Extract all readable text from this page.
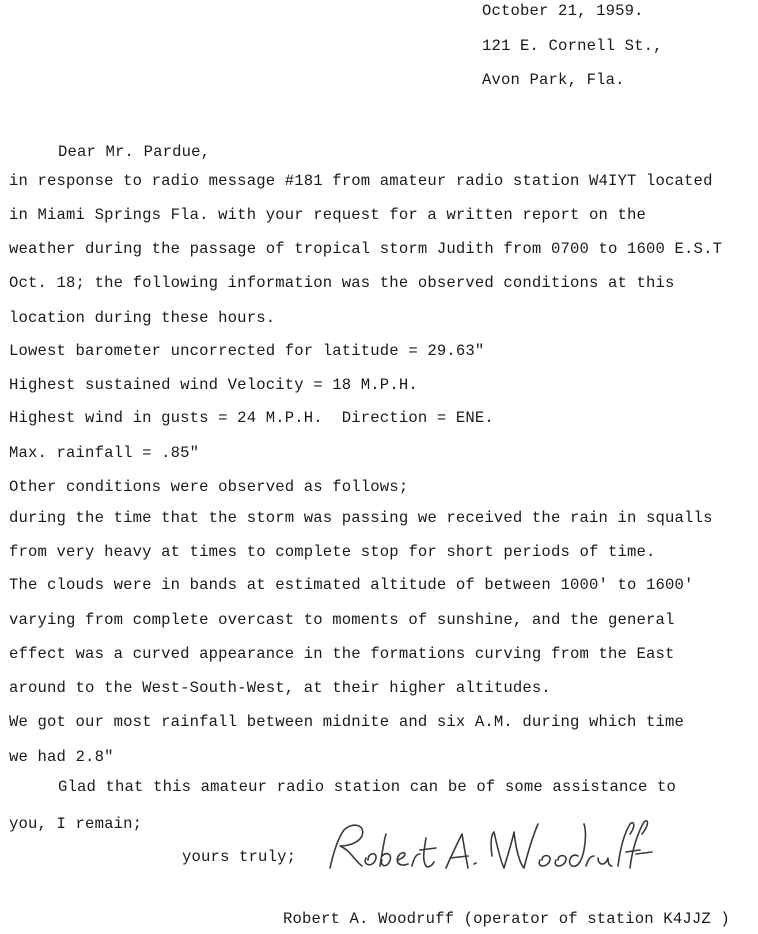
October 21, 1959.
121 E. Cornell St.,
Avon Park, Fla.
Dear Mr. Pardue,
in response to radio message #181 from amateur radio station W4IYT located
in Miami Springs Fla. with your request for a written report on the
weather during the passage of tropical storm Judith from 0700 to 1600 E.S.T
Oct. 18; the following information was the observed conditions at this
location during these hours.
Lowest barometer uncorrected for latitude = 29.63"
Highest sustained wind Velocity = 18 M.P.H.
Highest wind in gusts = 24 M.P.H.  Direction = ENE.
Max. rainfall = .85"
Other conditions were observed as follows;
during the time that the storm was passing we received the rain in squalls
from very heavy at times to complete stop for short periods of time.
The clouds were in bands at estimated altitude of between 1000' to 1600'
varying from complete overcast to moments of sunshine, and the general
effect was a curved appearance in the formations curving from the East
around to the West-South-West, at their higher altitudes.
We got our most rainfall between midnite and six A.M. during which time
we had 2.8"
Glad that this amateur radio station can be of some assistance to
you, I remain;
yours truly;
Robert A. Woodruff (operator of station K4JJZ )
